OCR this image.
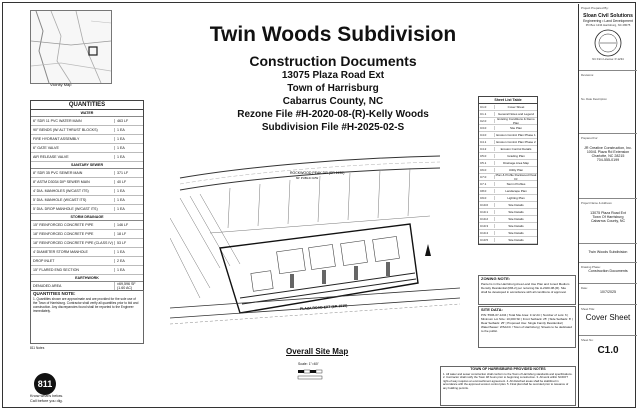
Vicinity Map
Twin Woods Subdivision
Construction Documents
13075 Plaza Road Ext
Town of Harrisburg
Cabarrus County, NC
Rezone File #H-2020-08-(R)-Kelly Woods
Subdivision File #H-2025-02-S
QUANTITIES
WATER
6" SDR 11 PVC WATER MAIN	463 LF
90° BENDS (W/ ALT THRUST BLOCKS)	1 EA
FIRE HYDRANT ASSEMBLY	1 EA
6" GATE VALVE	1 EA
AIR RELEASE VALVE	1 EA
SANITARY SEWER
8" SDR 35 PVC SEWER MAIN	371 LF
8" ASTM D3034 DIP SEWER MAIN	40 LF
4' DIA. MANHOLES (W/CAST ITS)	1 EA
5' DIA. MANHOLE (W/CAST ITS)	1 EA
5' DIA. DROP MANHOLE (W/CAST ITS)	1 EA
STORM DRAINAGE
15" REINFORCED CONCRETE PIPE	146 LF
18" REINFORCED CONCRETE PIPE	18 LF
18" REINFORCED CONCRETE PIPE (CLASS IV)	53 LF
4' DIAMETER STORM MANHOLE	1 EA
DROP INLET	2 EA
15" FLARED END SECTION	1 EA
EARTHWORK
DENUDED AREA	±69,596 SF (1.60 AC)
QUANTITIES NOTE:
1. Quantities shown are approximate and are provided for the sole use of the Town of Harrisburg. Contractor shall verify all quantities prior to bid and construction. Any discrepancies found shall be reported to the Engineer immediately.
811 Notes
811
Know what's below.
Call before you dig.
ROCKWOOD PEAK DR (SR 1130)
60' PUBLIC R/W
PLAZA ROAD EXT (SR 1010)
Overall Site Map
Scale: 1"=60'
Sheet List Table
C1.0	Cover Sheet
C1.1	General Notes and Legend
C2.0	Existing Conditions & Demo Plan
C3.0	Site Plan
C4.0	Erosion Control Plan Phase 1
C4.1	Erosion Control Plan Phase 2
C4.2	Erosion Control Details
C5.0	Grading Plan
C5.1	Drainage Area Map
C6.0	Utility Plan
C7.0	Plan & Profile Rockwood Peak Dr
C7.1	Storm Profiles
C8.0	Landscape Plan
C9.0	Lighting Plan
C10.0	Site Details
C10.1	Site Details
C10.2	Site Details
C10.3	Site Details
C10.4	Site Details
C10.5	Site Details
ZONING NOTE:
Parcel is in the Harrisburg Area Land Use Plan and zoned Medium Density Residential (RM-2) per rezoning file H-2020-08-(R). Site shall be developed in accordance with all conditions of approval.
SITE DATA:
PIN: 5506-67-1234 | Total Site Area: 3.12 AC | Number of Lots: 6 | Minimum Lot Size: 10,000 SF | Front Setback: 25' | Side Setback: 8' | Rear Setback: 25' | Proposed Use: Single Family Residential | Water/Sewer: WSACC / Town of Harrisburg | Streets to be dedicated to the public.
TOWN OF HARRISBURG PROVIDED NOTES
1. All water and sewer construction shall conform to the Town of Harrisburg standards and specifications. 2. Contractor shall notify the Town 48 hours prior to beginning construction. 3. All work within NCDOT right-of-way requires an encroachment agreement. 4. All disturbed areas shall be stabilized in accordance with the approved erosion control plan. 5. Final plat shall be recorded prior to issuance of any building permits.
Project Prepared By:
Sloan Civil Solutions
Engineering • Land Development
PO Box 1234 Harrisburg, NC 28075
NC Firm License: P-1234
Revisions:
No. Date Description
Prepared For:
JR Creative Construction, Inc.
10041 Plaza Rd Extension
Charlotte, NC 28215
704-555-0199
Project Name & Address:
13075 Plaza Road Ext
Town Of Harrisburg
Cabarrus County, NC
Twin Woods Subdivision
Drawing Phase:
Construction Documents
Date:
10/7/2025
Sheet Title:
Cover Sheet
Sheet No:
C1.0
